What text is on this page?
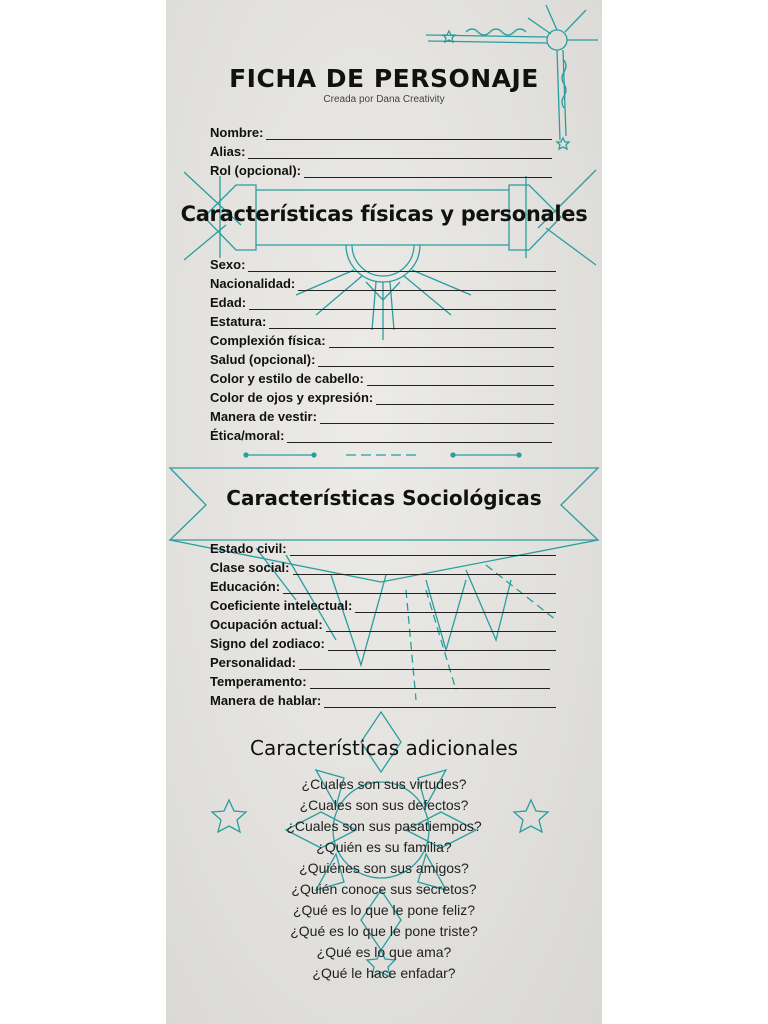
FICHA DE PERSONAJE
Creada por Dana Creativity
Nombre:
Alias:
Rol (opcional):
Características físicas y personales
Sexo:
Nacionalidad:
Edad:
Estatura:
Complexión física:
Salud (opcional):
Color y estilo de cabello:
Color de ojos y expresión:
Manera de vestir:
Ética/moral:
Características Sociológicas
Estado civil:
Clase social:
Educación:
Coeficiente intelectual:
Ocupación actual:
Signo del zodiaco:
Personalidad:
Temperamento:
Manera de hablar:
Características adicionales
¿Cuales son sus virtudes?
¿Cuales son sus defectos?
¿Cuales son sus pasatiempos?
¿Quién es su familia?
¿Quiénes son sus amigos?
¿Quién conoce sus secretos?
¿Qué es lo que le pone feliz?
¿Qué es lo que le pone triste?
¿Qué es lo que ama?
¿Qué le hace enfadar?
